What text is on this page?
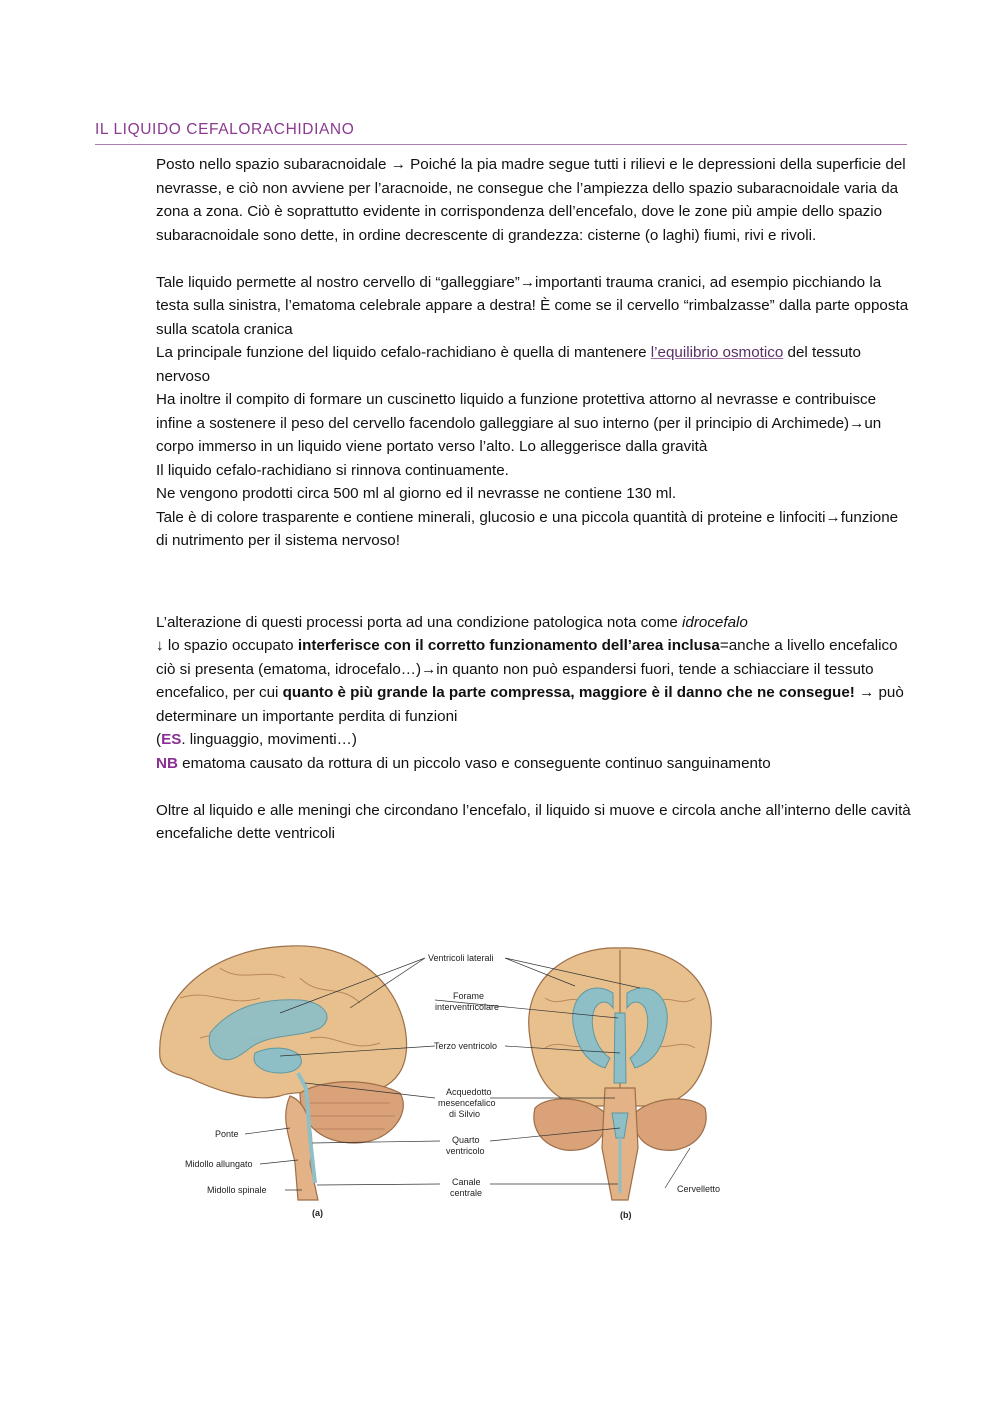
IL LIQUIDO CEFALORACHIDIANO

Posto nello spazio subaracnoidale → Poiché la pia madre segue tutti i rilievi e le depressioni della superficie del nevrasse, e ciò non avviene per l’aracnoide, ne consegue che l’ampiezza dello spazio subaracnoidale varia da zona a zona. Ciò è soprattutto evidente in corrispondenza dell’encefalo, dove le zone più ampie dello spazio subaracnoidale sono dette, in ordine decrescente di grandezza: cisterne (o laghi) fiumi, rivi e rivoli.

Tale liquido permette al nostro cervello di “galleggiare”→importanti trauma cranici, ad esempio picchiando la testa sulla sinistra, l’ematoma celebrale appare a destra! È come se il cervello “rimbalzasse” dalla parte opposta sulla scatola cranica

La principale funzione del liquido cefalo-rachidiano è quella di mantenere l’equilibrio osmotico del tessuto nervoso

Ha inoltre il compito di formare un cuscinetto liquido a funzione protettiva attorno al nevrasse e contribuisce infine a sostenere il peso del cervello facendolo galleggiare al suo interno (per il principio di Archimede)→un corpo immerso in un liquido viene portato verso l’alto. Lo alleggerisce dalla gravità

Il liquido cefalo-rachidiano si rinnova continuamente.

Ne vengono prodotti circa 500 ml al giorno ed il nevrasse ne contiene 130 ml.

Tale è di colore trasparente e contiene minerali, glucosio e una piccola quantità di proteine e linfociti→funzione di nutrimento per il sistema nervoso!

L’alterazione di questi processi porta ad una condizione patologica nota come idrocefalo

↓ lo spazio occupato interferisce con il corretto funzionamento dell’area inclusa=anche a livello encefalico ciò si presenta (ematoma, idrocefalo…)→in quanto non può espandersi fuori, tende a schiacciare il tessuto encefalico, per cui quanto è più grande la parte compressa, maggiore è il danno che ne consegue! → può determinare un importante perdita di funzioni

(ES. linguaggio, movimenti…)

NB ematoma causato da rottura di un piccolo vaso e conseguente continuo sanguinamento

Oltre al liquido e alle meningi che circondano l’encefalo, il liquido si muove e circola anche all’interno delle cavità encefaliche dette ventricoli

Ventricoli laterali
Forame
interventricolare
Terzo ventricolo
Acquedotto
mesencefalico
di Silvio
Quarto
ventricolo
Canale
centrale
Ponte
Midollo allungato
Midollo spinale	Cervelletto
(a)	(b)
